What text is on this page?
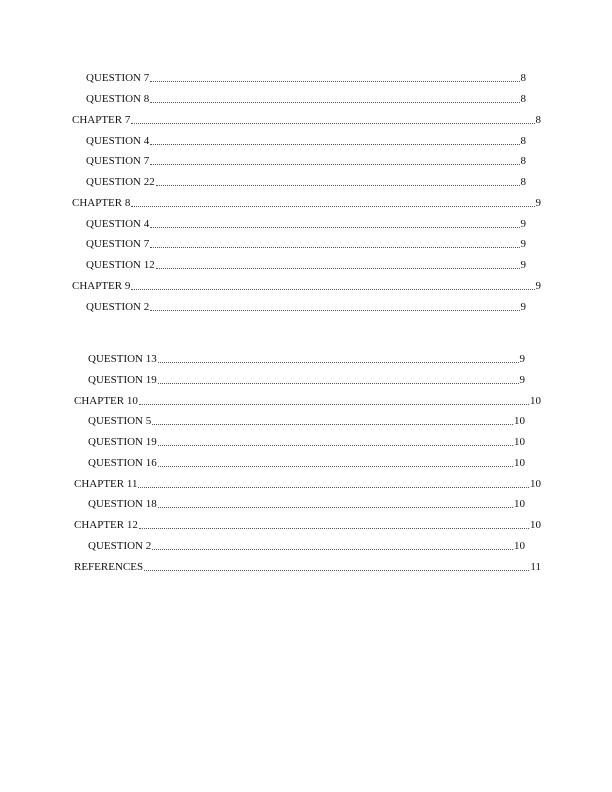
QUESTION 7	8
QUESTION 8	8
CHAPTER 7	8
QUESTION 4	8
QUESTION 7	8
QUESTION 22	8
CHAPTER 8	9
QUESTION 4	9
QUESTION 7	9
QUESTION 12	9
CHAPTER 9	9
QUESTION 2	9
QUESTION 13	9
QUESTION 19	9
CHAPTER 10	10
QUESTION 5	10
QUESTION 19	10
QUESTION 16	10
CHAPTER 11	10
QUESTION 18	10
CHAPTER 12	10
QUESTION 2	10
REFERENCES	11
